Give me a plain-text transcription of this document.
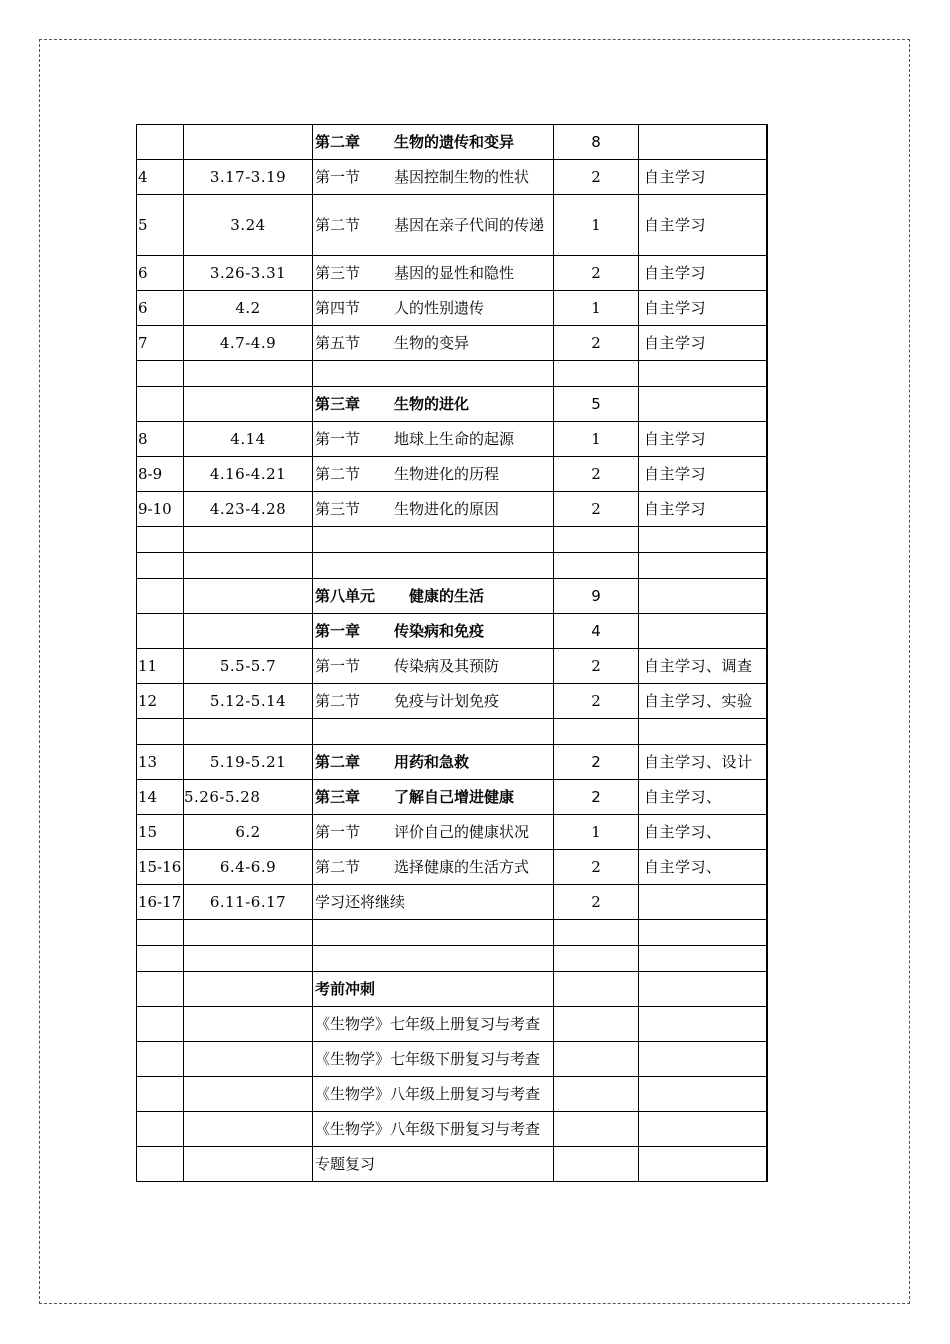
		第二章 生物的遗传和变异	8	
4	3.17-3.19	第一节 基因控制生物的性状	2	自主学习
5	3.24	第二节 基因在亲子代间的传递	1	自主学习
6	3.26-3.31	第三节 基因的显性和隐性	2	自主学习
6	4.2	第四节 人的性别遗传	1	自主学习
7	4.7-4.9	第五节 生物的变异	2	自主学习

		第三章 生物的进化	5	
8	4.14	第一节 地球上生命的起源	1	自主学习
8-9	4.16-4.21	第二节 生物进化的历程	2	自主学习
9-10	4.23-4.28	第三节 生物进化的原因	2	自主学习

		第八单元 健康的生活	9	
		第一章 传染病和免疫	4	
11	5.5-5.7	第一节 传染病及其预防	2	自主学习、调查
12	5.12-5.14	第二节 免疫与计划免疫	2	自主学习、实验

13	5.19-5.21	第二章 用药和急救	2	自主学习、设计
14	5.26-5.28	第三章 了解自己增进健康	2	自主学习、
15	6.2	第一节 评价自己的健康状况	1	自主学习、
15-16	6.4-6.9	第二节 选择健康的生活方式	2	自主学习、
16-17	6.11-6.17	学习还将继续	2	

		考前冲刺		
		《生物学》七年级上册复习与考查		
		《生物学》七年级下册复习与考查		
		《生物学》八年级上册复习与考查		
		《生物学》八年级下册复习与考查		
		专题复习		
